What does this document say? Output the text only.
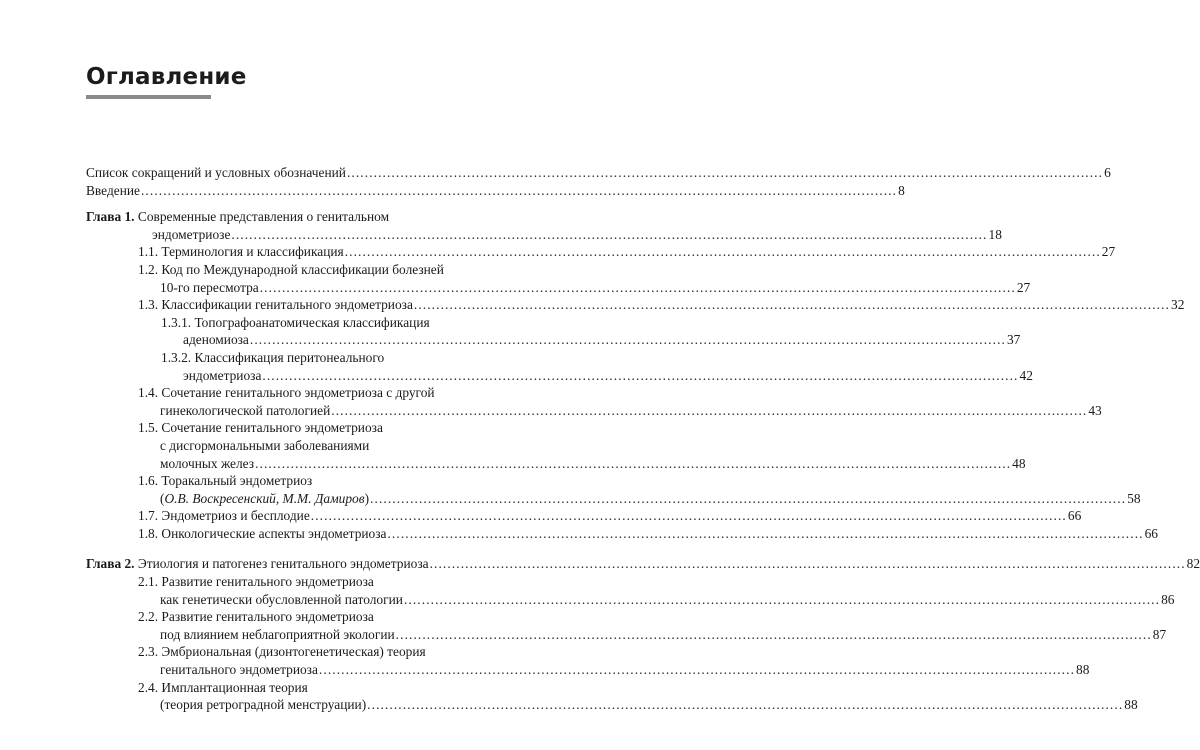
Оглавление
Список сокращений и условных обозначений .......................................................................................................................................................................... 6
Введение .......................................................................................................................................................................... 8
Глава 1. Современные представления о генитальном
эндометриозе .......................................................................................................................................................................... 18
1.1. Терминология и классификация .......................................................................................................................................................................... 27
1.2. Код по Международной классификации болезней
10-го пересмотра .......................................................................................................................................................................... 27
1.3. Классификации генитального эндометриоза .......................................................................................................................................................................... 32
1.3.1. Топографоанатомическая классификация
аденомиоза .......................................................................................................................................................................... 37
1.3.2. Классификация перитонеального
эндометриоза .......................................................................................................................................................................... 42
1.4. Сочетание генитального эндометриоза с другой
гинекологической патологией .......................................................................................................................................................................... 43
1.5. Сочетание генитального эндометриоза
с дисгормональными заболеваниями
молочных желез .......................................................................................................................................................................... 48
1.6. Торакальный эндометриоз
(О.В. Воскресенский, М.М. Дамиров) .......................................................................................................................................................................... 58
1.7. Эндометриоз и бесплодие .......................................................................................................................................................................... 66
1.8. Онкологические аспекты эндометриоза .......................................................................................................................................................................... 66
Глава 2. Этиология и патогенез генитального эндометриоза .......................................................................................................................................................................... 82
2.1. Развитие генитального эндометриоза
как генетически обусловленной патологии .......................................................................................................................................................................... 86
2.2. Развитие генитального эндометриоза
под влиянием неблагоприятной экологии .......................................................................................................................................................................... 87
2.3. Эмбриональная (дизонтогенетическая) теория
генитального эндометриоза .......................................................................................................................................................................... 88
2.4. Имплантационная теория
(теория ретроградной менструации) .......................................................................................................................................................................... 88
